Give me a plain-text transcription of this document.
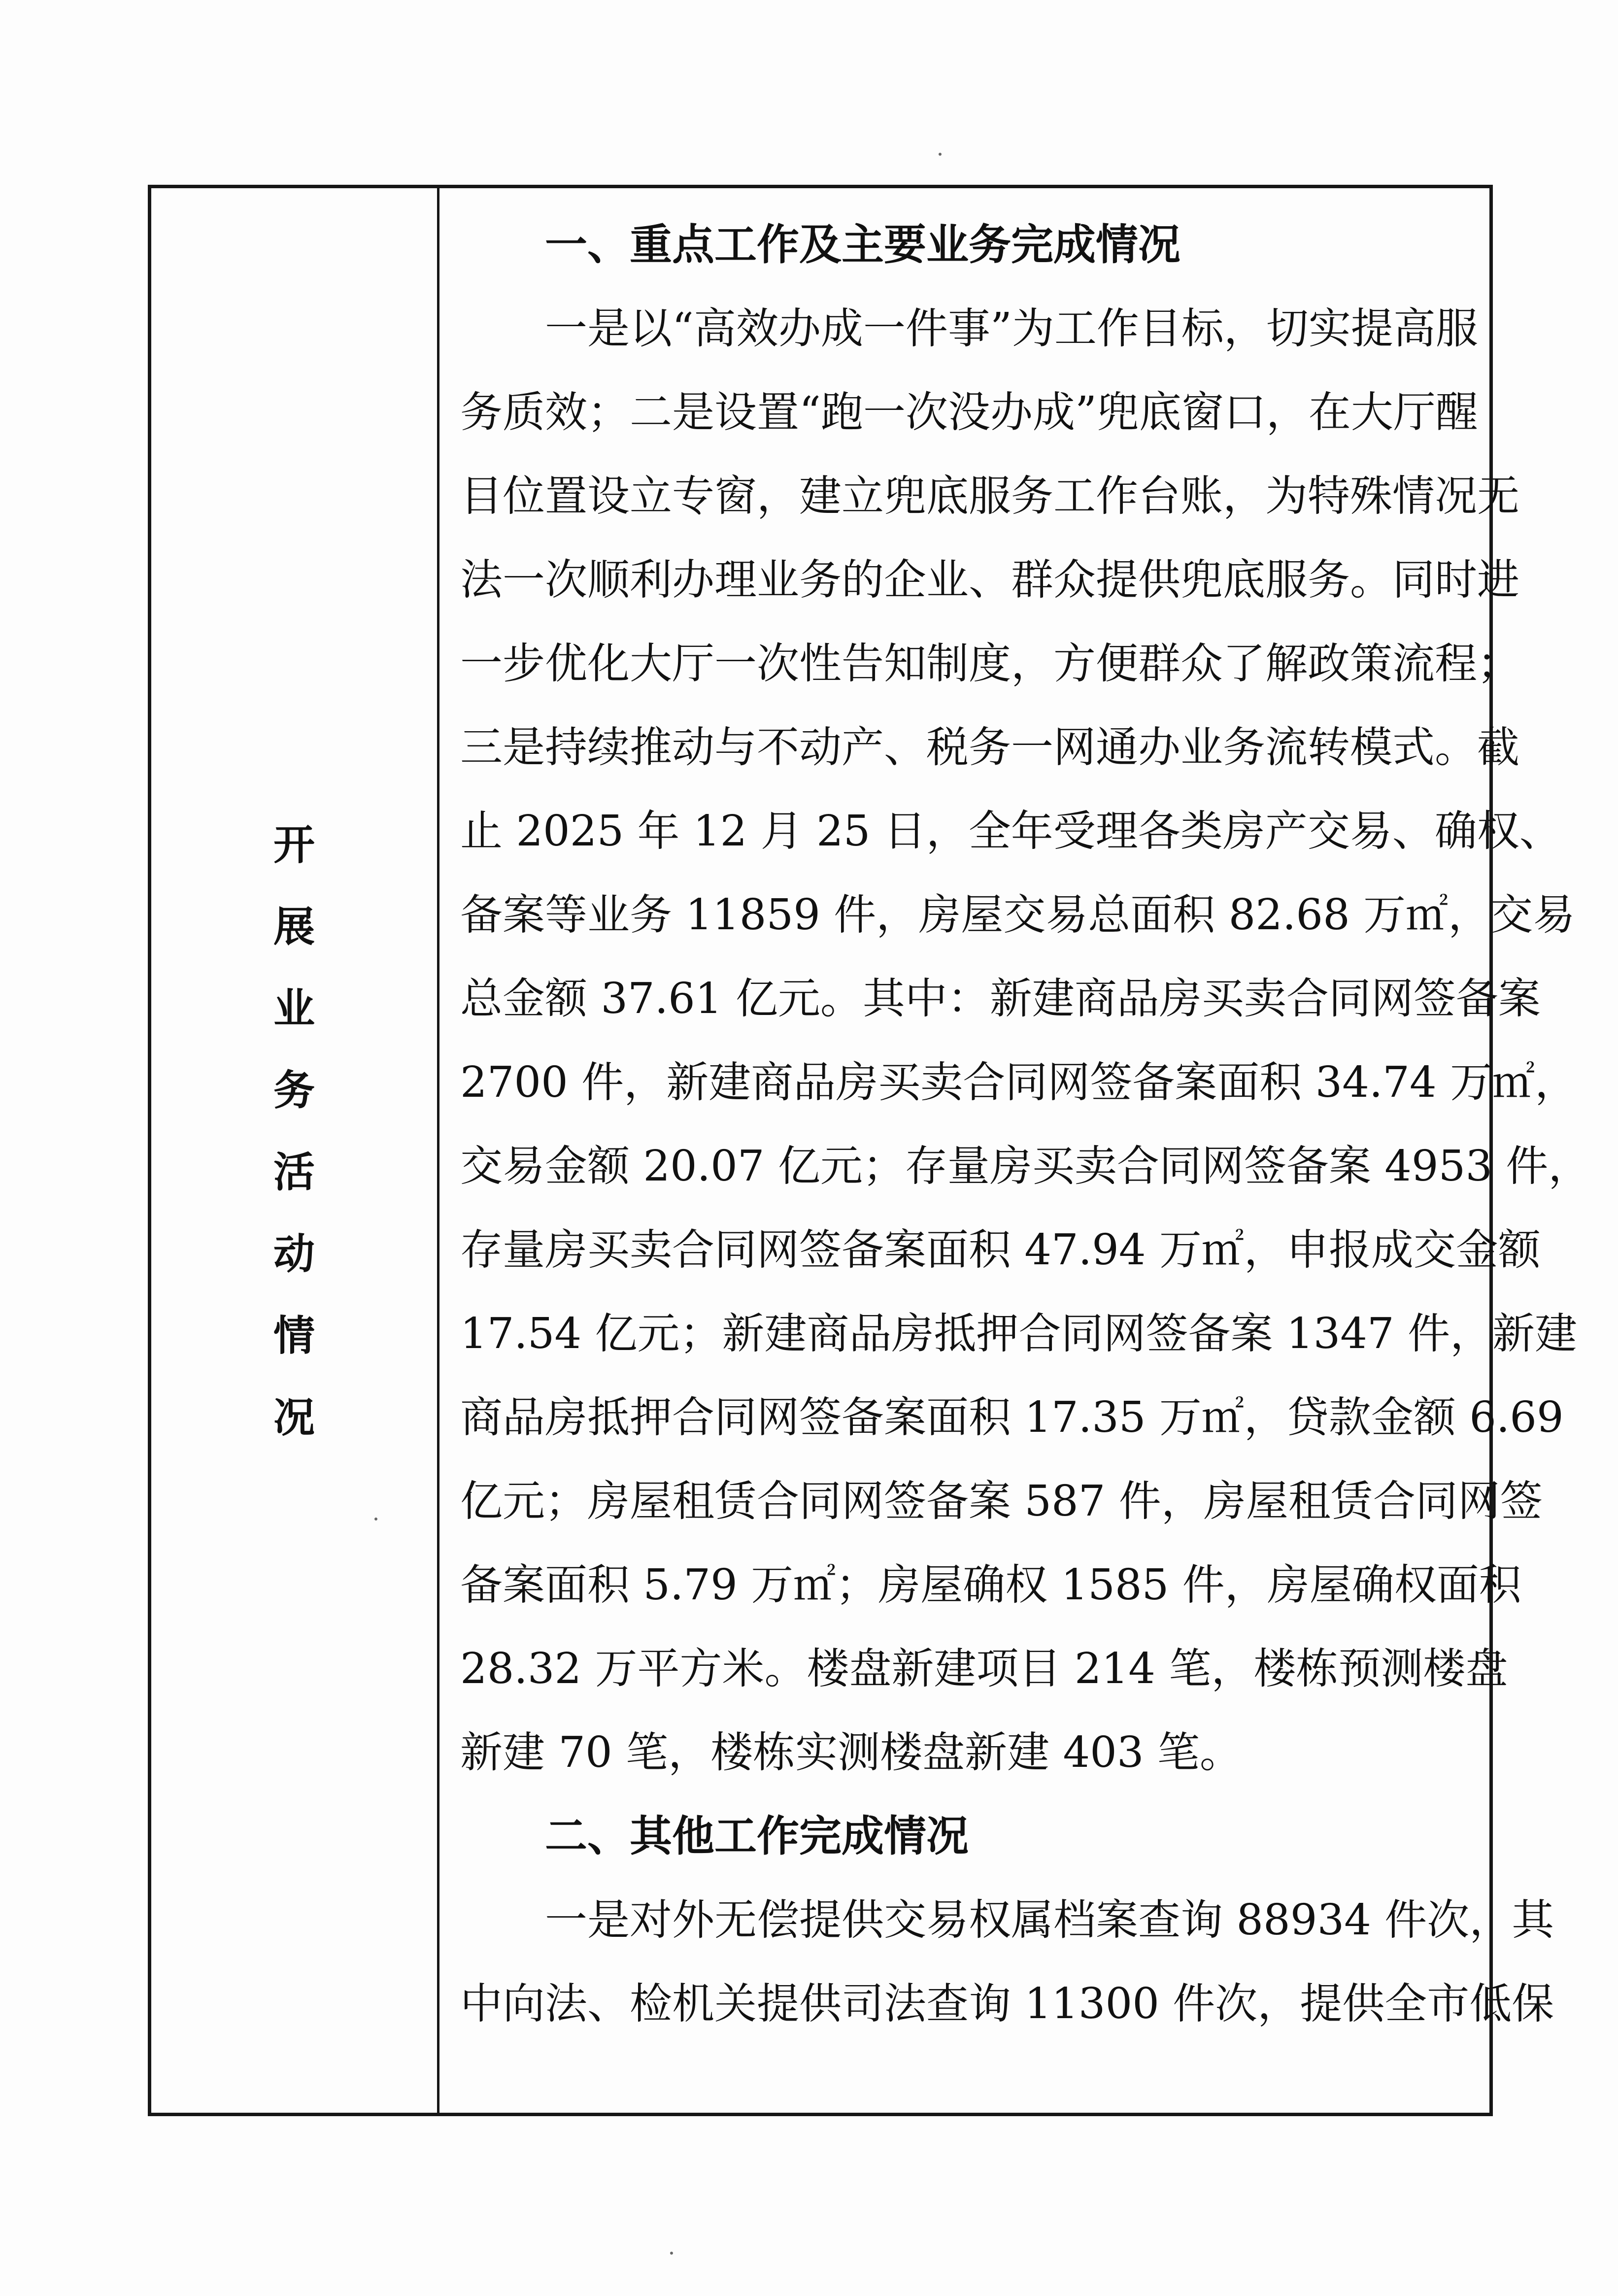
开
展
业
务
活
动
情
况
一、重点工作及主要业务完成情况
一是以“高效办成一件事”为工作目标，切实提高服
务质效；二是设置“跑一次没办成”兜底窗口，在大厅醒
目位置设立专窗，建立兜底服务工作台账，为特殊情况无
法一次顺利办理业务的企业、群众提供兜底服务。同时进
一步优化大厅一次性告知制度，方便群众了解政策流程；
三是持续推动与不动产、税务一网通办业务流转模式。截
止 2025 年 12 月 25 日，全年受理各类房产交易、确权、
备案等业务 11859 件，房屋交易总面积 82.68 万㎡，交易
总金额 37.61 亿元。其中：新建商品房买卖合同网签备案
2700 件，新建商品房买卖合同网签备案面积 34.74 万㎡，
交易金额 20.07 亿元；存量房买卖合同网签备案 4953 件，
存量房买卖合同网签备案面积 47.94 万㎡，申报成交金额
17.54 亿元；新建商品房抵押合同网签备案 1347 件，新建
商品房抵押合同网签备案面积 17.35 万㎡，贷款金额 6.69
亿元；房屋租赁合同网签备案 587 件，房屋租赁合同网签
备案面积 5.79 万㎡；房屋确权 1585 件，房屋确权面积
28.32 万平方米。楼盘新建项目 214 笔，楼栋预测楼盘
新建 70 笔，楼栋实测楼盘新建 403 笔。
二、其他工作完成情况
一是对外无偿提供交易权属档案查询 88934 件次，其
中向法、检机关提供司法查询 11300 件次，提供全市低保
